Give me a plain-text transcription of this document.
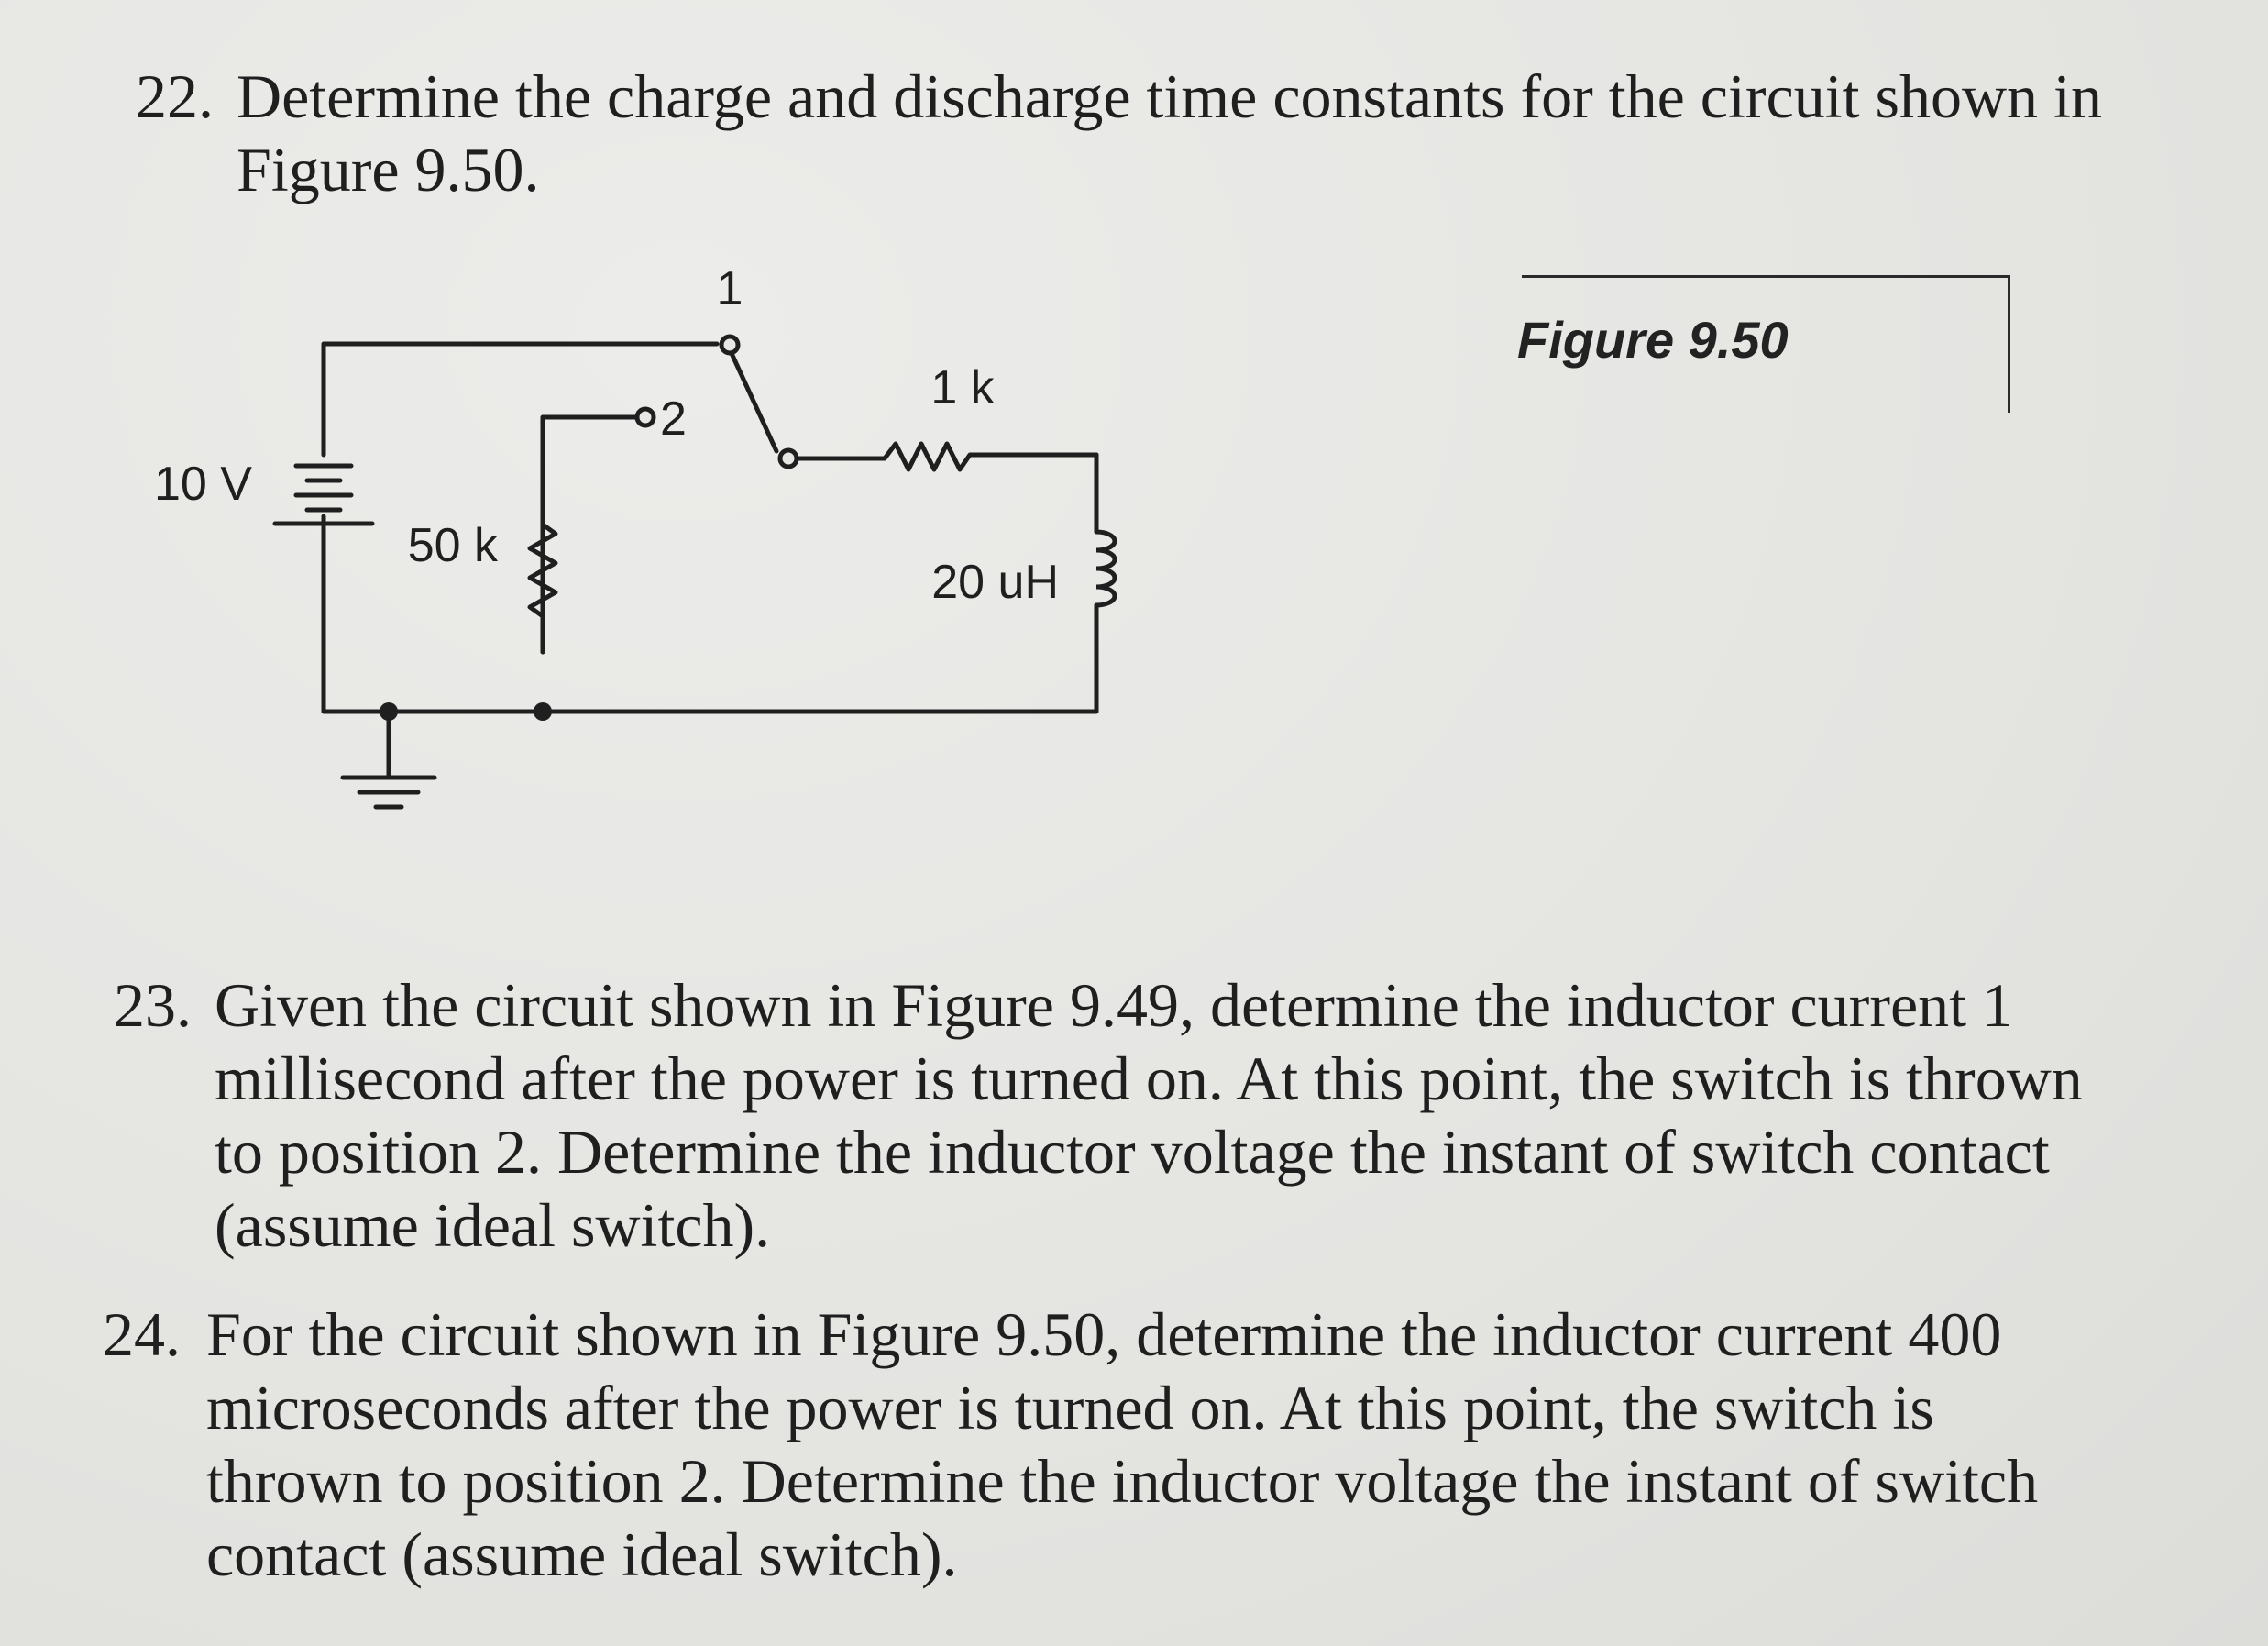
22. Determine the charge and discharge time constants for the circuit shown in
Figure 9.50.
10 V
50 k
1
2
1 k
20 uH
Figure 9.50
23. Given the circuit shown in Figure 9.49, determine the inductor current 1
millisecond after the power is turned on. At this point, the switch is thrown
to position 2. Determine the inductor voltage the instant of switch contact
(assume ideal switch).
24. For the circuit shown in Figure 9.50, determine the inductor current 400
microseconds after the power is turned on. At this point, the switch is
thrown to position 2. Determine the inductor voltage the instant of switch
contact (assume ideal switch).
